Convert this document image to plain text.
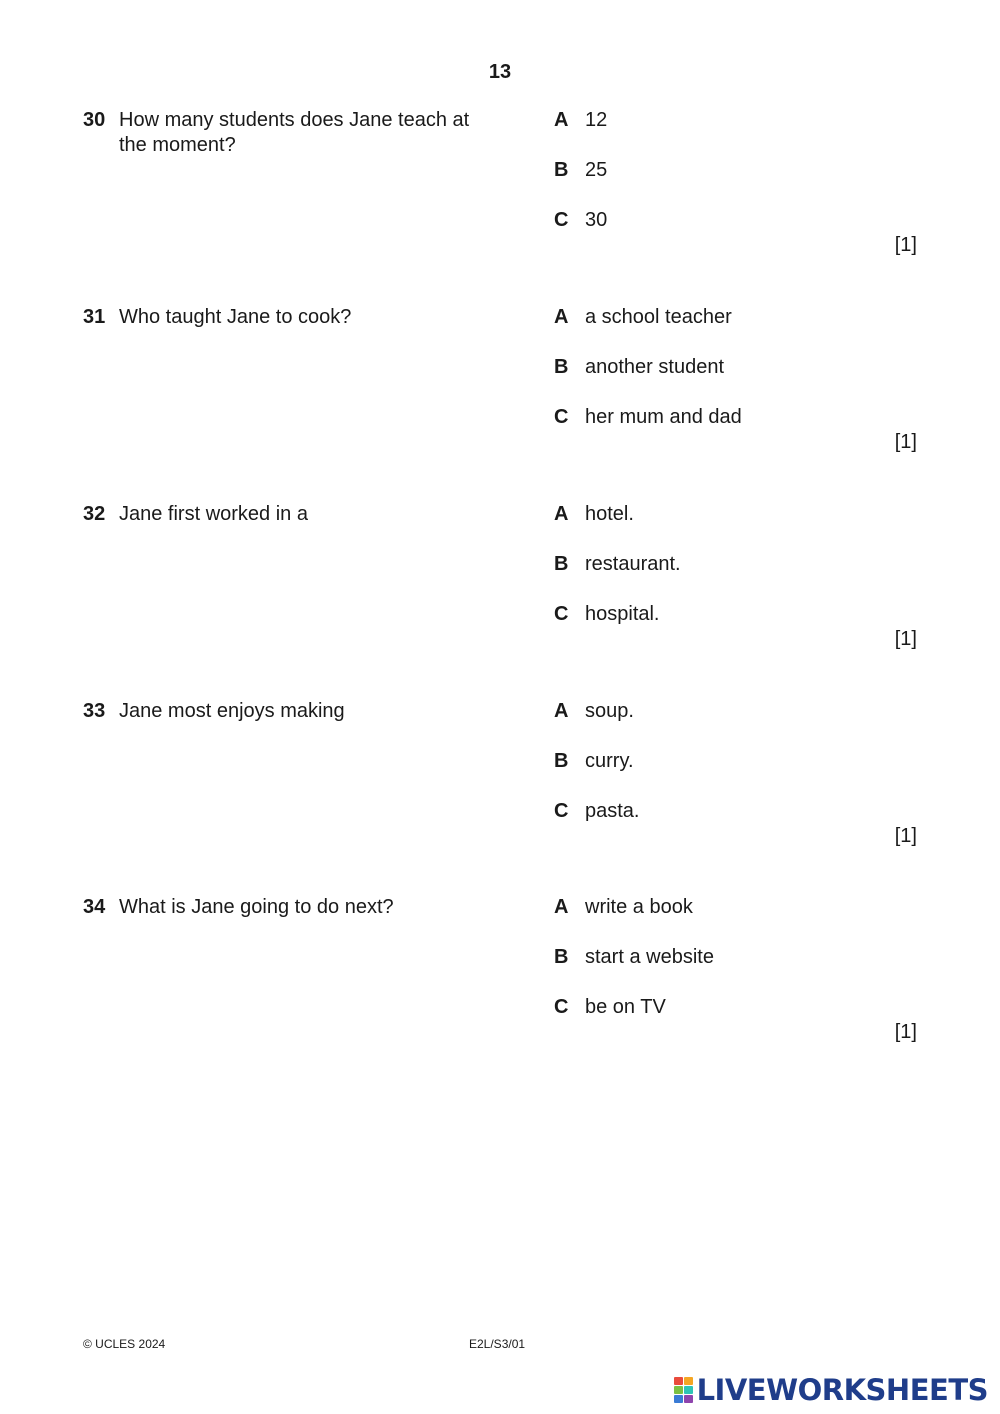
13
30 How many students does Jane teach at the moment?
A 12
B 25
C 30
[1]
31 Who taught Jane to cook?	A a school teacher
B another student
C her mum and dad
[1]
32 Jane first worked in a	A hotel.
B restaurant.
C hospital.
[1]
33 Jane most enjoys making	A soup.
B curry.
C pasta.
[1]
34 What is Jane going to do next?	A write a book
B start a website
C be on TV
[1]
© UCLES 2024	E2L/S3/01
LIVEWORKSHEETS
